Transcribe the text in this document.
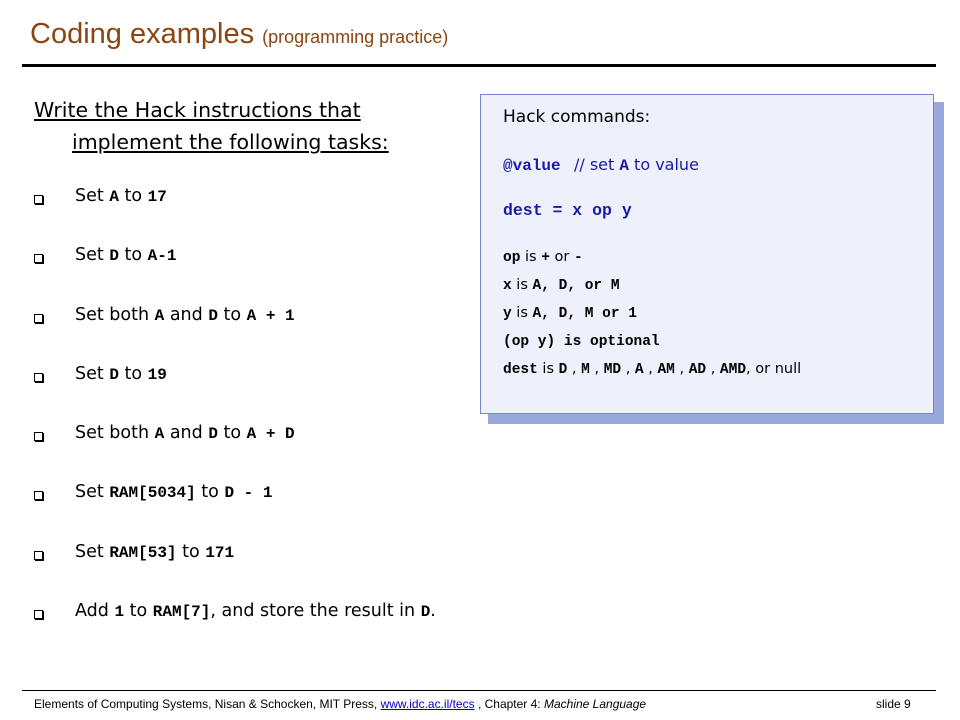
Coding examples (programming practice)
Write the Hack instructions that
implement the following tasks:
Set A to 17
Set D to A-1
Set both A and D to A + 1
Set D to 19
Set both A and D to A + D
Set RAM[5034] to D - 1
Set RAM[53] to 171
Add 1 to RAM[7], and store the result in D.
Hack commands:
@value // set A to value
dest = x op y
op is + or -
x is A, D, or M
y is A, D, M or 1
(op y) is optional
dest is D , M , MD , A , AM , AD , AMD, or null
Elements of Computing Systems, Nisan & Schocken, MIT Press, www.idc.ac.il/tecs , Chapter 4: Machine Language	slide 9
